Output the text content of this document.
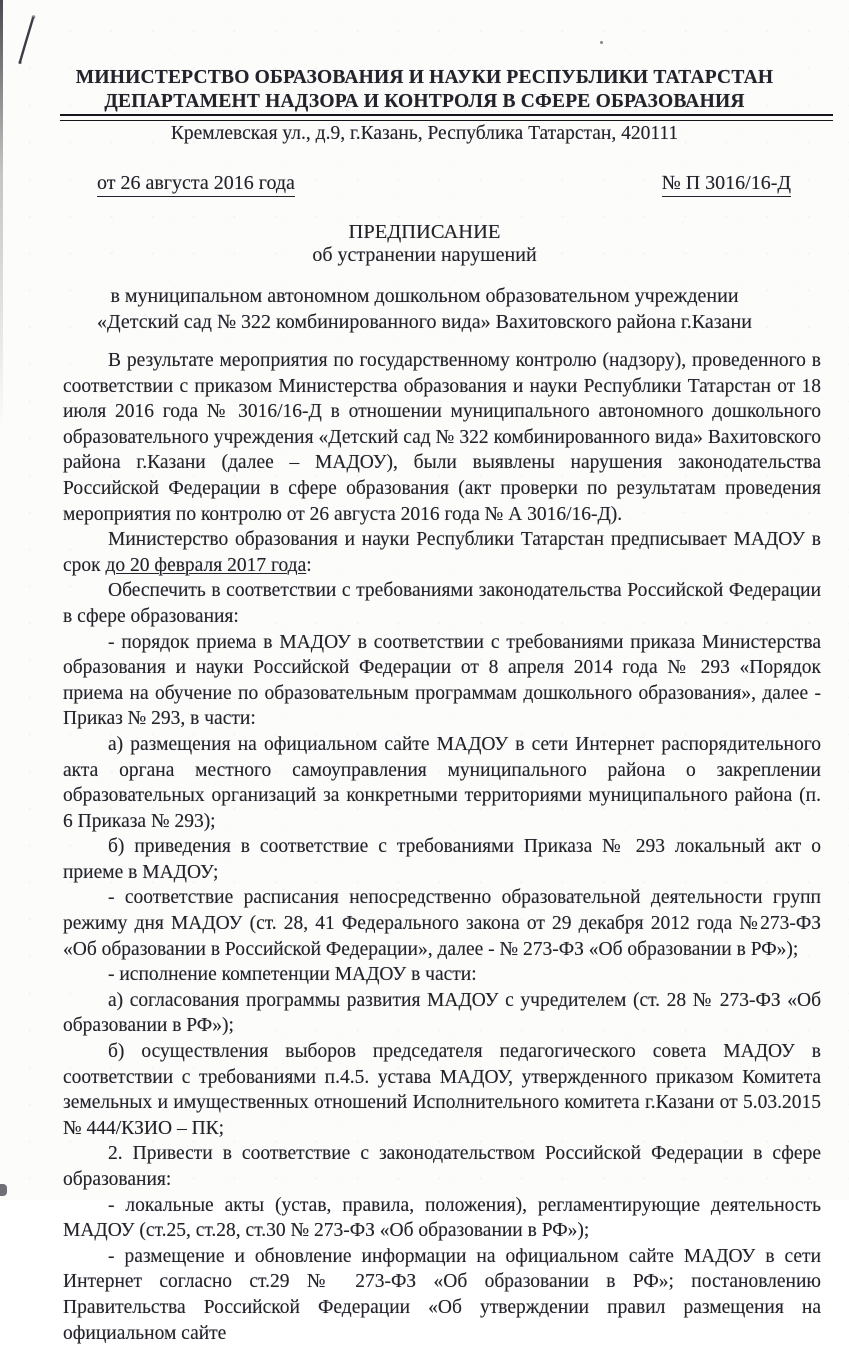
МИНИСТЕРСТВО ОБРАЗОВАНИЯ И НАУКИ РЕСПУБЛИКИ ТАТАРСТАН
ДЕПАРТАМЕНТ НАДЗОРА И КОНТРОЛЯ В СФЕРЕ ОБРАЗОВАНИЯ
Кремлевская ул., д.9, г.Казань, Республика Татарстан, 420111
от 26 августа 2016 года	№ П 3016/16-Д
ПРЕДПИСАНИЕ
об устранении нарушений
в муниципальном автономном дошкольном образовательном учреждении «Детский сад № 322 комбинированного вида» Вахитовского района г.Казани

В результате мероприятия по государственному контролю (надзору), проведенного в соответствии с приказом Министерства образования и науки Республики Татарстан от 18 июля 2016 года № 3016/16-Д в отношении муниципального автономного дошкольного образовательного учреждения «Детский сад № 322 комбинированного вида» Вахитовского района г.Казани (далее – МАДОУ), были выявлены нарушения законодательства Российской Федерации в сфере образования (акт проверки по результатам проведения мероприятия по контролю от 26 августа 2016 года № А 3016/16-Д).

Министерство образования и науки Республики Татарстан предписывает МАДОУ в срок до 20 февраля 2017 года:

Обеспечить в соответствии с требованиями законодательства Российской Федерации в сфере образования:

- порядок приема в МАДОУ в соответствии с требованиями приказа Министерства образования и науки Российской Федерации от 8 апреля 2014 года № 293 «Порядок приема на обучение по образовательным программам дошкольного образования», далее - Приказ № 293, в части:

а) размещения на официальном сайте МАДОУ в сети Интернет распорядительного акта органа местного самоуправления муниципального района о закреплении образовательных организаций за конкретными территориями муниципального района (п. 6 Приказа № 293);

б) приведения в соответствие с требованиями Приказа № 293 локальный акт о приеме в МАДОУ;

- соответствие расписания непосредственно образовательной деятельности групп режиму дня МАДОУ (ст. 28, 41 Федерального закона от 29 декабря 2012 года №273-ФЗ «Об образовании в Российской Федерации», далее - № 273-ФЗ «Об образовании в РФ»);

- исполнение компетенции МАДОУ в части:

а) согласования программы развития МАДОУ с учредителем (ст. 28 № 273-ФЗ «Об образовании в РФ»);

б) осуществления выборов председателя педагогического совета МАДОУ в соответствии с требованиями п.4.5. устава МАДОУ, утвержденного приказом Комитета земельных и имущественных отношений Исполнительного комитета г.Казани от 5.03.2015 № 444/КЗИО – ПК;

2. Привести в соответствие с законодательством Российской Федерации в сфере образования:

- локальные акты (устав, правила, положения), регламентирующие деятельность МАДОУ (ст.25, ст.28, ст.30 № 273-ФЗ «Об образовании в РФ»);

- размещение и обновление информации на официальном сайте МАДОУ в сети Интернет согласно ст.29 № 273-ФЗ «Об образовании в РФ»; постановлению Правительства Российской Федерации «Об утверждении правил размещения на официальном сайте
